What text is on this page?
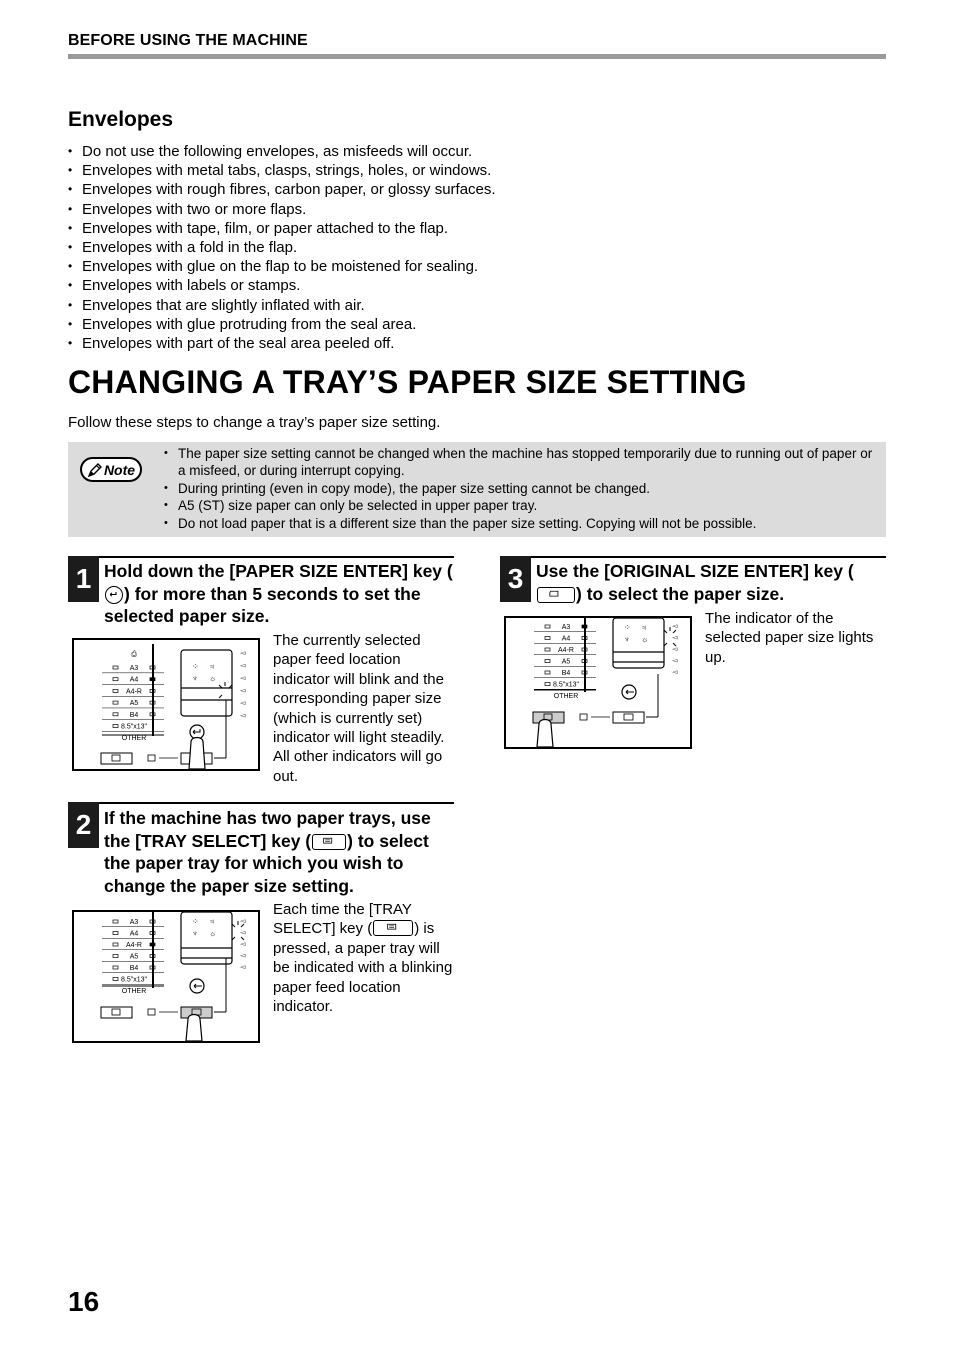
BEFORE USING THE MACHINE
Envelopes
• Do not use the following envelopes, as misfeeds will occur.
• Envelopes with metal tabs, clasps, strings, holes, or windows.
• Envelopes with rough fibres, carbon paper, or glossy surfaces.
• Envelopes with two or more flaps.
• Envelopes with tape, film, or paper attached to the flap.
• Envelopes with a fold in the flap.
• Envelopes with glue on the flap to be moistened for sealing.
• Envelopes with labels or stamps.
• Envelopes that are slightly inflated with air.
• Envelopes with glue protruding from the seal area.
• Envelopes with part of the seal area peeled off.
CHANGING A TRAY’S PAPER SIZE SETTING
Follow these steps to change a tray’s paper size setting.
Note
• The paper size setting cannot be changed when the machine has stopped temporarily due to running out of paper or a misfeed, or during interrupt copying.
• During printing (even in copy mode), the paper size setting cannot be changed.
• A5 (ST) size paper can only be selected in upper paper tray.
• Do not load paper that is a different size than the paper size setting. Copying will not be possible.
1 Hold down the [PAPER SIZE ENTER] key (
) for more than 5 seconds to set the selected paper size.
⎙
A3
A4
A4-R
A5
B4
8.5"x13"
OTHER
⁘ ♃
♆ ☼
◅
◅
◅
◅
◅
◅
The currently selected paper feed location indicator will blink and the corresponding paper size (which is currently set) indicator will light steadily. All other indicators will go out.
2 If the machine has two paper trays, use the [TRAY SELECT] key ( ) to select the paper tray for which you wish to change the paper size setting.
A3
A4
A4-R
A5
B4
8.5"x13"
OTHER
⁘ ♃
♆ ☼
◅
◅
◅
◅
◅
Each time the [TRAY SELECT] key (	) is pressed, a paper tray will be indicated with a blinking paper feed location indicator.
3 Use the [ORIGINAL SIZE ENTER] key (
) to select the paper size.
A3
A4
A4-R
A5
B4
8.5"x13"
OTHER
⁘ ♃
♆ ☼
◅
◅
◅
◅
◅
The indicator of the selected paper size lights up.
16
